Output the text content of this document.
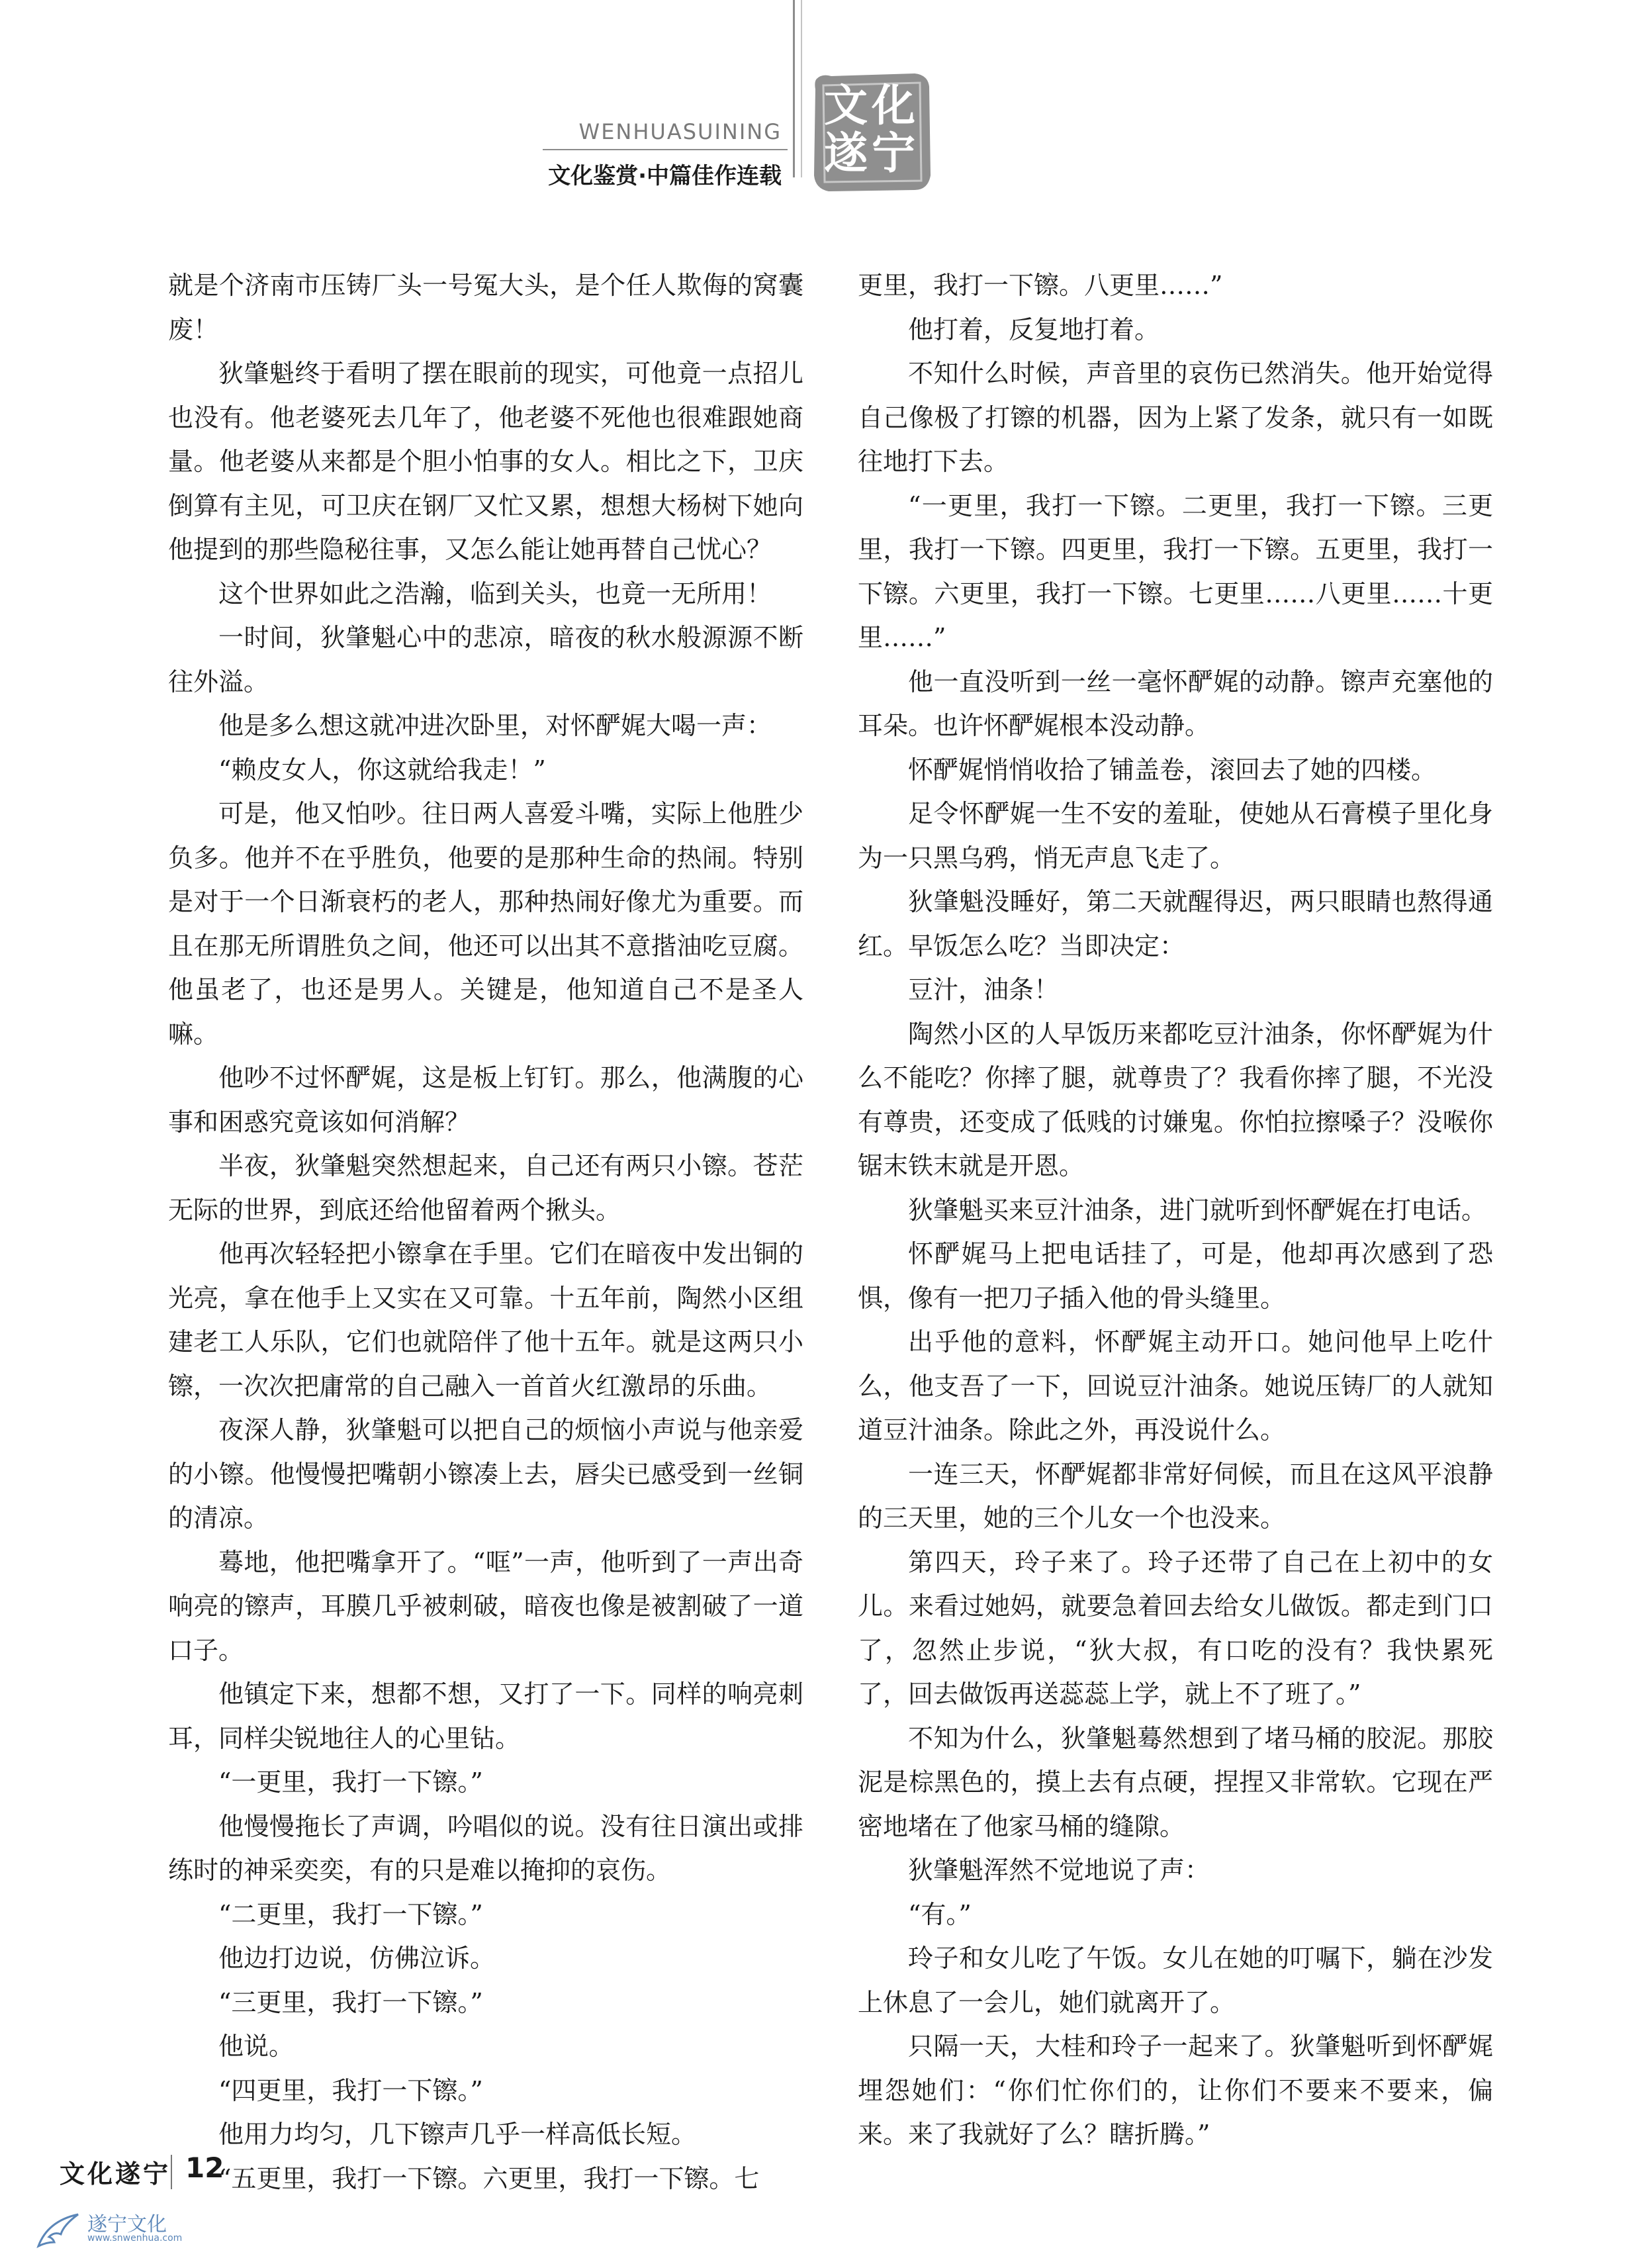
WENHUASUINING
文化鉴赏·中篇佳作连载
文化遂宁

就是个济南市压铸厂头一号冤大头，是个任人欺侮的窝囊废！

狄肇魁终于看明了摆在眼前的现实，可他竟一点招儿也没有。他老婆死去几年了，他老婆不死他也很难跟她商量。他老婆从来都是个胆小怕事的女人。相比之下，卫庆倒算有主见，可卫庆在钢厂又忙又累，想想大杨树下她向他提到的那些隐秘往事，又怎么能让她再替自己忧心？

这个世界如此之浩瀚，临到关头，也竟一无所用！

一时间，狄肇魁心中的悲凉，暗夜的秋水般源源不断往外溢。

他是多么想这就冲进次卧里，对怀酽娓大喝一声：

“赖皮女人，你这就给我走！”

可是，他又怕吵。往日两人喜爱斗嘴，实际上他胜少负多。他并不在乎胜负，他要的是那种生命的热闹。特别是对于一个日渐衰朽的老人，那种热闹好像尤为重要。而且在那无所谓胜负之间，他还可以出其不意揩油吃豆腐。他虽老了，也还是男人。关键是，他知道自己不是圣人嘛。

他吵不过怀酽娓，这是板上钉钉。那么，他满腹的心事和困惑究竟该如何消解？

半夜，狄肇魁突然想起来，自己还有两只小镲。苍茫无际的世界，到底还给他留着两个揪头。

他再次轻轻把小镲拿在手里。它们在暗夜中发出铜的光亮，拿在他手上又实在又可靠。十五年前，陶然小区组建老工人乐队，它们也就陪伴了他十五年。就是这两只小镲，一次次把庸常的自己融入一首首火红激昂的乐曲。

夜深人静，狄肇魁可以把自己的烦恼小声说与他亲爱的小镲。他慢慢把嘴朝小镲凑上去，唇尖已感受到一丝铜的清凉。

蓦地，他把嘴拿开了。“哐”一声，他听到了一声出奇响亮的镲声，耳膜几乎被刺破，暗夜也像是被割破了一道口子。

他镇定下来，想都不想，又打了一下。同样的响亮刺耳，同样尖锐地往人的心里钻。

“一更里，我打一下镲。”

他慢慢拖长了声调，吟唱似的说。没有往日演出或排练时的神采奕奕，有的只是难以掩抑的哀伤。

“二更里，我打一下镲。”

他边打边说，仿佛泣诉。

“三更里，我打一下镲。”

他说。

“四更里，我打一下镲。”

他用力均匀，几下镲声几乎一样高低长短。

“五更里，我打一下镲。六更里，我打一下镲。七

更里，我打一下镲。八更里……”

他打着，反复地打着。

不知什么时候，声音里的哀伤已然消失。他开始觉得自己像极了打镲的机器，因为上紧了发条，就只有一如既往地打下去。

“一更里，我打一下镲。二更里，我打一下镲。三更里，我打一下镲。四更里，我打一下镲。五更里，我打一下镲。六更里，我打一下镲。七更里……八更里……十更里……”

他一直没听到一丝一毫怀酽娓的动静。镲声充塞他的耳朵。也许怀酽娓根本没动静。

怀酽娓悄悄收拾了铺盖卷，滚回去了她的四楼。

足令怀酽娓一生不安的羞耻，使她从石膏模子里化身为一只黑乌鸦，悄无声息飞走了。

狄肇魁没睡好，第二天就醒得迟，两只眼睛也熬得通红。早饭怎么吃？当即决定：

豆汁，油条！

陶然小区的人早饭历来都吃豆汁油条，你怀酽娓为什么不能吃？你摔了腿，就尊贵了？我看你摔了腿，不光没有尊贵，还变成了低贱的讨嫌鬼。你怕拉擦嗓子？没喉你锯末铁末就是开恩。

狄肇魁买来豆汁油条，进门就听到怀酽娓在打电话。

怀酽娓马上把电话挂了，可是，他却再次感到了恐惧，像有一把刀子插入他的骨头缝里。

出乎他的意料，怀酽娓主动开口。她问他早上吃什么，他支吾了一下，回说豆汁油条。她说压铸厂的人就知道豆汁油条。除此之外，再没说什么。

一连三天，怀酽娓都非常好伺候，而且在这风平浪静的三天里，她的三个儿女一个也没来。

第四天，玲子来了。玲子还带了自己在上初中的女儿。来看过她妈，就要急着回去给女儿做饭。都走到门口了，忽然止步说，“狄大叔，有口吃的没有？我快累死了，回去做饭再送蕊蕊上学，就上不了班了。”

不知为什么，狄肇魁蓦然想到了堵马桶的胶泥。那胶泥是棕黑色的，摸上去有点硬，捏捏又非常软。它现在严密地堵在了他家马桶的缝隙。

狄肇魁浑然不觉地说了声：

“有。”

玲子和女儿吃了午饭。女儿在她的叮嘱下，躺在沙发上休息了一会儿，她们就离开了。

只隔一天，大桂和玲子一起来了。狄肇魁听到怀酽娓埋怨她们：“你们忙你们的，让你们不要来不要来，偏来。来了我就好了么？瞎折腾。”

文化遂宁 12
遂宁文化
www.snwenhua.com
